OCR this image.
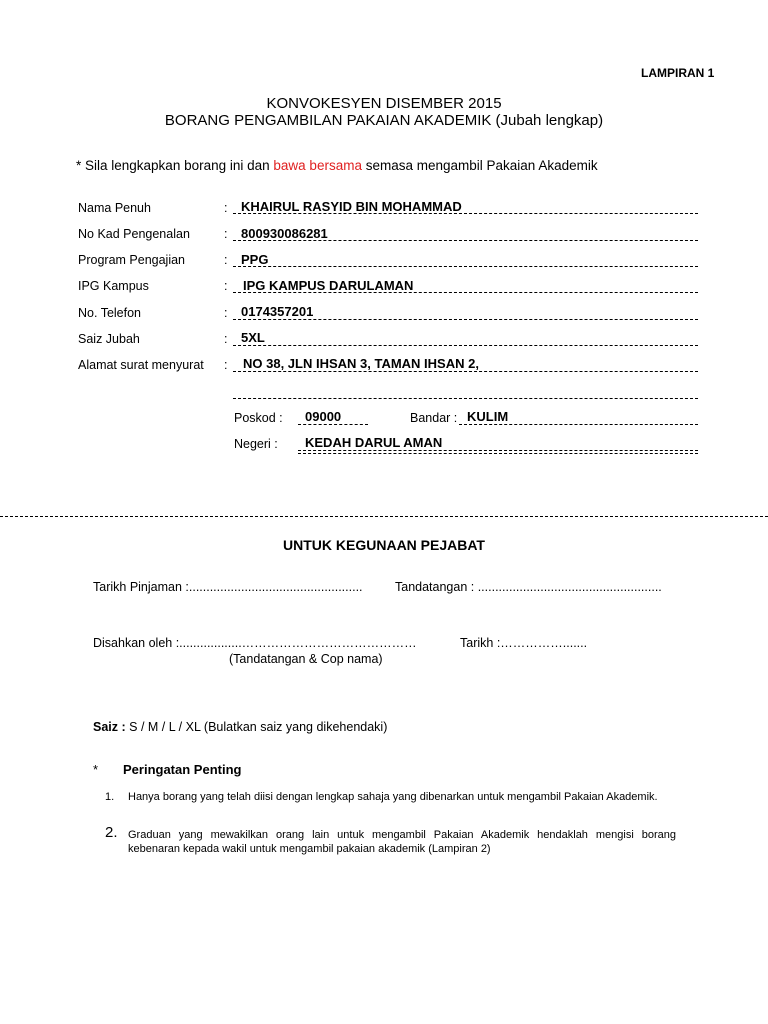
LAMPIRAN 1
KONVOKESYEN DISEMBER 2015
BORANG PENGAMBILAN PAKAIAN AKADEMIK (Jubah lengkap)
* Sila lengkapkan borang ini dan bawa bersama semasa mengambil Pakaian Akademik
Nama Penuh	: KHAIRUL RASYID BIN MOHAMMAD
No Kad Pengenalan	: 800930086281
Program Pengajian	: PPG
IPG Kampus	: IPG KAMPUS DARULAMAN
No. Telefon	: 0174357201
Saiz Jubah	: 5XL
Alamat surat menyurat : NO 38, JLN IHSAN 3, TAMAN IHSAN 2,
Poskod : 09000	Bandar : KULIM
Negeri : KEDAH DARUL AMAN
UNTUK KEGUNAAN PEJABAT
Tarikh Pinjaman :..................................................	Tandatangan : .....................................................
Disahkan oleh :..................……………………………………	Tarikh :…………….......
(Tandatangan & Cop nama)
Saiz : S / M / L / XL (Bulatkan saiz yang dikehendaki)
* Peringatan Penting
1. Hanya borang yang telah diisi dengan lengkap sahaja yang dibenarkan untuk mengambil Pakaian Akademik.
2. Graduan yang mewakilkan orang lain untuk mengambil Pakaian Akademik hendaklah mengisi borang kebenaran kepada wakil untuk mengambil pakaian akademik (Lampiran 2)
